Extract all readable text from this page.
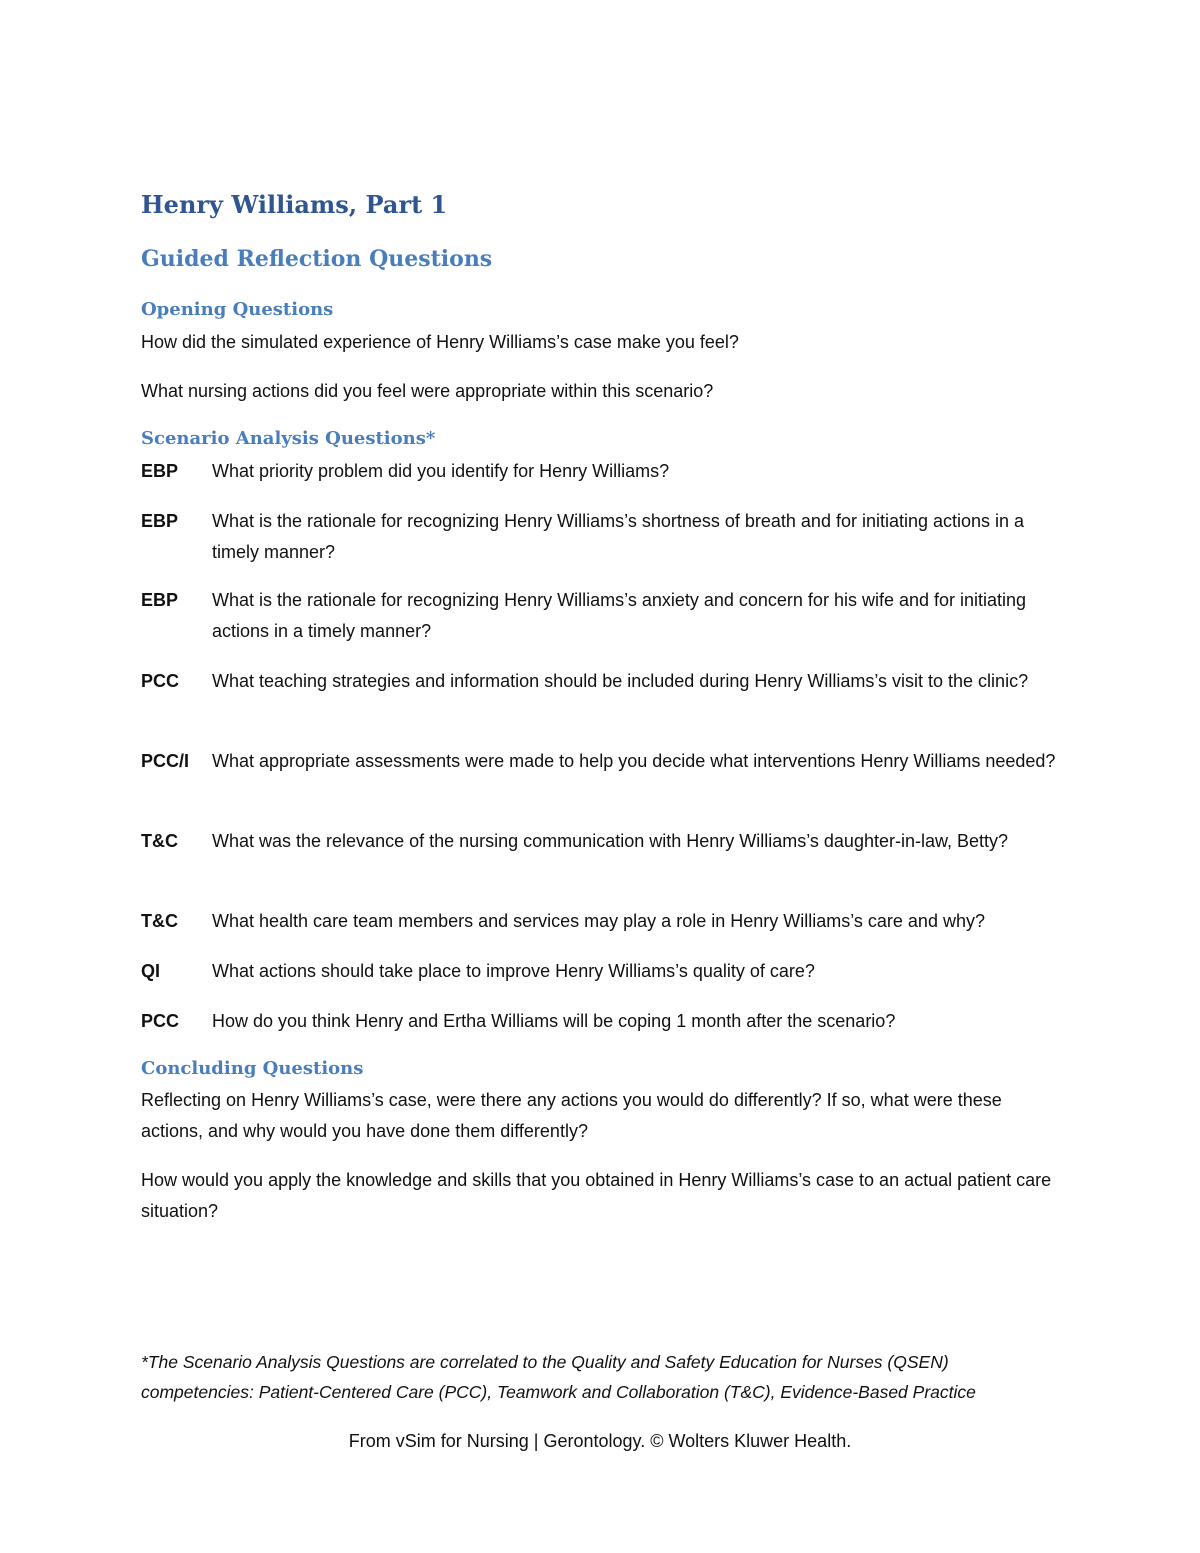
Henry Williams, Part 1
Guided Reflection Questions
Opening Questions

How did the simulated experience of Henry Williams’s case make you feel?

What nursing actions did you feel were appropriate within this scenario?

Scenario Analysis Questions*
EBP	What priority problem did you identify for Henry Williams?
EBP	What is the rationale for recognizing Henry Williams’s shortness of breath and for initiating actions in a timely manner?
EBP	What is the rationale for recognizing Henry Williams’s anxiety and concern for his wife and for initiating actions in a timely manner?
PCC	What teaching strategies and information should be included during Henry Williams’s visit to the clinic?
PCC/I	What appropriate assessments were made to help you decide what interventions Henry Williams needed?
T&C	What was the relevance of the nursing communication with Henry Williams’s daughter-in-law, Betty?
T&C	What health care team members and services may play a role in Henry Williams’s care and why?
QI	What actions should take place to improve Henry Williams’s quality of care?
PCC	How do you think Henry and Ertha Williams will be coping 1 month after the scenario?
Concluding Questions

Reflecting on Henry Williams’s case, were there any actions you would do differently? If so, what were these actions, and why would you have done them differently?

How would you apply the knowledge and skills that you obtained in Henry Williams’s case to an actual patient care situation?

*The Scenario Analysis Questions are correlated to the Quality and Safety Education for Nurses (QSEN)
competencies: Patient-Centered Care (PCC), Teamwork and Collaboration (T&C), Evidence-Based Practice

From vSim for Nursing | Gerontology. © Wolters Kluwer Health.
